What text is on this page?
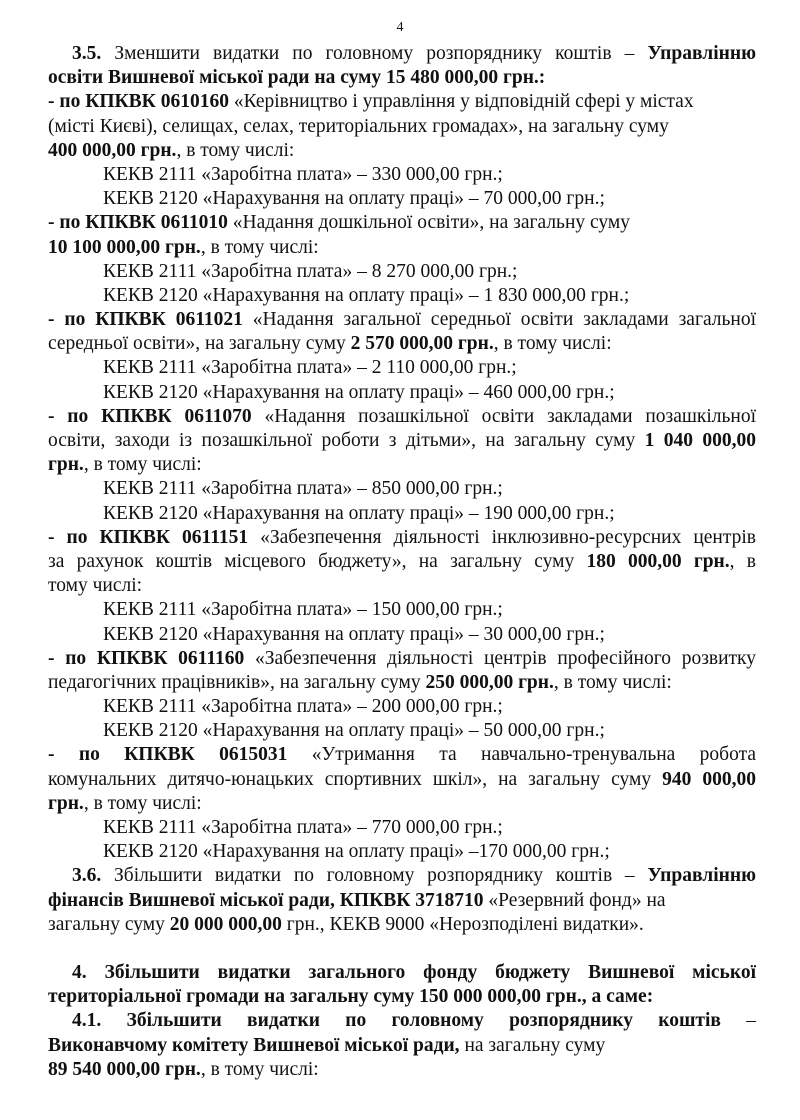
4
3.5. Зменшити видатки по головному розпоряднику коштів – Управлінню
освіти Вишневої міської ради на суму 15 480 000,00 грн.:
- по КПКВК 0610160 «Керівництво і управління у відповідній сфері у містах
(місті Києві), селищах, селах, територіальних громадах», на загальну суму
400 000,00 грн., в тому числі:
КЕКВ 2111 «Заробітна плата» – 330 000,00 грн.;
КЕКВ 2120 «Нарахування на оплату праці» – 70 000,00 грн.;
- по КПКВК 0611010 «Надання дошкільної освіти», на загальну суму
10 100 000,00 грн., в тому числі:
КЕКВ 2111 «Заробітна плата» – 8 270 000,00 грн.;
КЕКВ 2120 «Нарахування на оплату праці» – 1 830 000,00 грн.;
- по КПКВК 0611021 «Надання загальної середньої освіти закладами загальної
середньої освіти», на загальну суму 2 570 000,00 грн., в тому числі:
КЕКВ 2111 «Заробітна плата» – 2 110 000,00 грн.;
КЕКВ 2120 «Нарахування на оплату праці» – 460 000,00 грн.;
- по КПКВК 0611070 «Надання позашкільної освіти закладами позашкільної
освіти, заходи із позашкільної роботи з дітьми», на загальну суму 1 040 000,00
грн., в тому числі:
КЕКВ 2111 «Заробітна плата» – 850 000,00 грн.;
КЕКВ 2120 «Нарахування на оплату праці» – 190 000,00 грн.;
- по КПКВК 0611151 «Забезпечення діяльності інклюзивно-ресурсних центрів
за рахунок коштів місцевого бюджету», на загальну суму 180 000,00 грн., в
тому числі:
КЕКВ 2111 «Заробітна плата» – 150 000,00 грн.;
КЕКВ 2120 «Нарахування на оплату праці» – 30 000,00 грн.;
- по КПКВК 0611160 «Забезпечення діяльності центрів професійного розвитку
педагогічних працівників», на загальну суму 250 000,00 грн., в тому числі:
КЕКВ 2111 «Заробітна плата» – 200 000,00 грн.;
КЕКВ 2120 «Нарахування на оплату праці» – 50 000,00 грн.;
- по КПКВК 0615031 «Утримання та навчально-тренувальна робота
комунальних дитячо-юнацьких спортивних шкіл», на загальну суму 940 000,00
грн., в тому числі:
КЕКВ 2111 «Заробітна плата» – 770 000,00 грн.;
КЕКВ 2120 «Нарахування на оплату праці» –170 000,00 грн.;
3.6. Збільшити видатки по головному розпоряднику коштів – Управлінню
фінансів Вишневої міської ради, КПКВК 3718710 «Резервний фонд» на
загальну суму 20 000 000,00 грн., КЕКВ 9000 «Нерозподілені видатки».
4. Збільшити видатки загального фонду бюджету Вишневої міської
територіальної громади на загальну суму 150 000 000,00 грн., а саме:
4.1. Збільшити видатки по головному розпоряднику коштів –
Виконавчому комітету Вишневої міської ради, на загальну суму
89 540 000,00 грн., в тому числі:
